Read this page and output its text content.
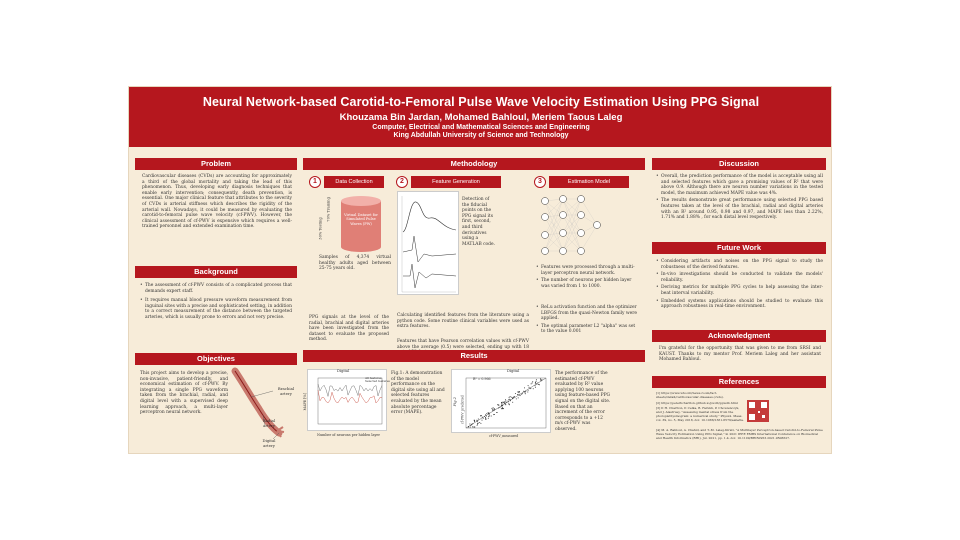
Neural Network-based Carotid-to-Femoral Pulse Wave Velocity Estimation Using PPG Signal
Khouzama Bin Jardan, Mohamed Bahloul, Meriem Taous Laleg
Computer, Electrical and Mathematical Sciences and Engineering
King Abdullah University of Science and Technology
Problem
Cardiovascular diseases (CVDs) are accounting for approximately a third of the global mortality and taking the lead of this phenomenon. Thus, developing early diagnosis techniques that enable early intervention; consequently, death prevention, is essential. One major clinical feature that attributes to the severity of CVDs is arterial stiffness which describes the rigidity of the arterial wall. Nowadays, it could be measured by evaluating the carotid-to-femoral pulse wave velocity (cf-PWV). However, the clinical assessment of cf-PWV is expensive which requires a well-trained personnel and extended examination time.
Background
• The assessment of cf-PWV consists of a complicated process that demands expert staff.
• It requires manual blood pressure waveform measurement from inguinal sites with a precise and sophisticated setting, in addition to a correct measurement of the distance between the targeted arteries, which is usually prone to errors and not very precise.
Objectives
This project aims to develop a precise, non-invasive, patient-friendly, and economical estimation of cf-PWV. By integrating a single PPG waveform taken from the brachial, radial, and digital level with a supervised deep learning approach, a multi-layer perceptron neural network.
Brachial artery
Radial artery
Digital artery
Methodology
1	Data Collection	2	Feature Generation	3	Estimation Model
Virtual Dataset for Simulated Pulse Waves (PW)
30% Testing
70% Training
Samples of 4,374 virtual healthy adults aged between 25-75 years old.
PPG signals at the level of the radial, brachial and digital arteries have been investigated from the dataset to evaluate the proposed method.
Detection of the fiducial points on the PPG signal its first, second, and third derivatives using a MATLAB code.
Calculating identified features from the literature using a python code. Some routine clinical variables were used as extra features.
Features that have Pearson correlation values with cf-PWV above the average (0.5) were selected, ending up with 18
• Features were processed through a multi-layer perceptron neural network.
• The number of neurons per hidden layer was varied from 1 to 1000.
• ReLu activation function and the optimizer LBFGS from the quasi-Newton family were applied.
• The optimal parameter L2 "alpha" was set to the value 0.001
Results
Digital
All features
Selected features
Number of neurons per hidden layer
MAPE [%]
Fig.1: A demonstration of the model performance on the digital site using all and selected features evaluated by the mean absolute percentage error (MAPE).
Digital
R² = 0.966
Fig.2
cf-PWV_measured
cf-PWV_predicted
The performance of the estimated cf-PWV evaluated by R² value applying 100 neurons using feature-based PPG signal on the digital site. Based on that an increment of the error corresponds to a +12 m/s cf-PWV was observed.
Discussion
• Overall, the prediction performance of the model is acceptable using all and selected features which gave a promising values of R² that were above 0.9. Although there are neuron number variations in the tested model, the maximum achieved MAPE value was 4%.
• The results demonstrate great performance using selected PPG based features taken at the level of the brachial, radial and digital arteries with an R² around 0.95, 0.98 and 0.97, and MAPE less than 2.22%, 1.71% and 1.88% , for each distal level respectively.
Future Work
• Considering artifacts and noises on the PPG signal to study the robustness of the derived features.
• In-vivo investigations should be conducted to validate the models' reliability.
• Deriving metrics for multiple PPG cycles to help assessing the inter-beat interval variability.
• Embedded systems applications should be studied to evaluate this approach robustness in real-time environment.
Acknowledgment
I'm grateful for the opportunity that was given to me from SRSI and KAUST. Thanks to my mentor Prof. Meriem Laleg and her assistant Mohamed Bahloul.
References
[1] https://www.who.int/news-room/fact-sheets/detail/cardiovascular-diseases-(cvds).
[2] https://peterhcharlton.github.io/pwdb/ppwdb.html
[3] P. H. Charlton, P. Celka, B. Farukh, P. Chowienczyk, and J. Alastruey, "Assessing mental stress from the photoplethysmogram: a numerical study," Physiol. Meas. vol. 39, no. 5, May 2018, doi: 10.1088/1361-6579/aabe6a.
[4] M. A. Bahloul, A. Chahid, and T.-M. Laleg-Kirati, "A Multilayer Perceptron-based Carotid-to-Femoral Pulse Wave Velocity Estimation Using PPG Signal," in 2021 IEEE EMBS International Conference on Biomedical and Health Informatics (BHI), Jul. 2021, pp. 1-4. doi: 10.1109/BHI50953.2021.9508627.
